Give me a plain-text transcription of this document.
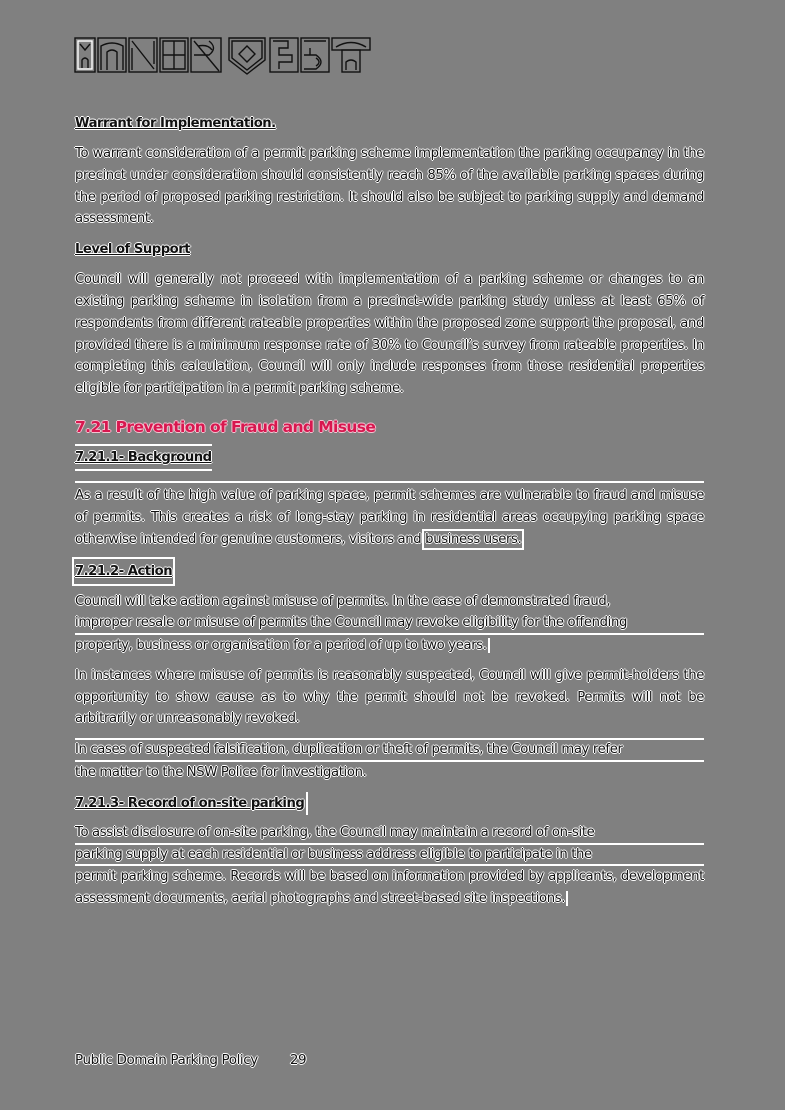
Warrant for Implementation.

To warrant consideration of a permit parking scheme implementation the parking occupancy in the precinct under consideration should consistently reach 85% of the available parking spaces during the period of proposed parking restriction. It should also be subject to parking supply and demand assessment.

Level of Support

Council will generally not proceed with implementation of a parking scheme or changes to an existing parking scheme in isolation from a precinct-wide parking study unless at least 65% of respondents from different rateable properties within the proposed zone support the proposal, and provided there is a minimum response rate of 30% to Council’s survey from rateable properties. In completing this calculation, Council will only include responses from those residential properties eligible for participation in a permit parking scheme.

7.21 Prevention of Fraud and Misuse
7.21.1- Background

As a result of the high value of parking space, permit schemes are vulnerable to fraud and misuse of permits. This creates a risk of long-stay parking in residential areas occupying parking space otherwise intended for genuine customers, visitors and business users.

7.21.2- Action
Council will take action against misuse of permits. In the case of demonstrated fraud,
improper resale or misuse of permits the Council may revoke eligibility for the offending
property, business or organisation for a period of up to two years.

In instances where misuse of permits is reasonably suspected, Council will give permit-holders the opportunity to show cause as to why the permit should not be revoked. Permits will not be arbitrarily or unreasonably revoked.

In cases of suspected falsification, duplication or theft of permits, the Council may refer
the matter to the NSW Police for investigation.
7.21.3- Record of on-site parking
To assist disclosure of on-site parking, the Council may maintain a record of on-site
parking supply at each residential or business address eligible to participate in the
permit parking scheme. Records will be based on information provided by applicants, development assessment documents, aerial photographs and street-based site inspections.
Public Domain Parking Policy 29
